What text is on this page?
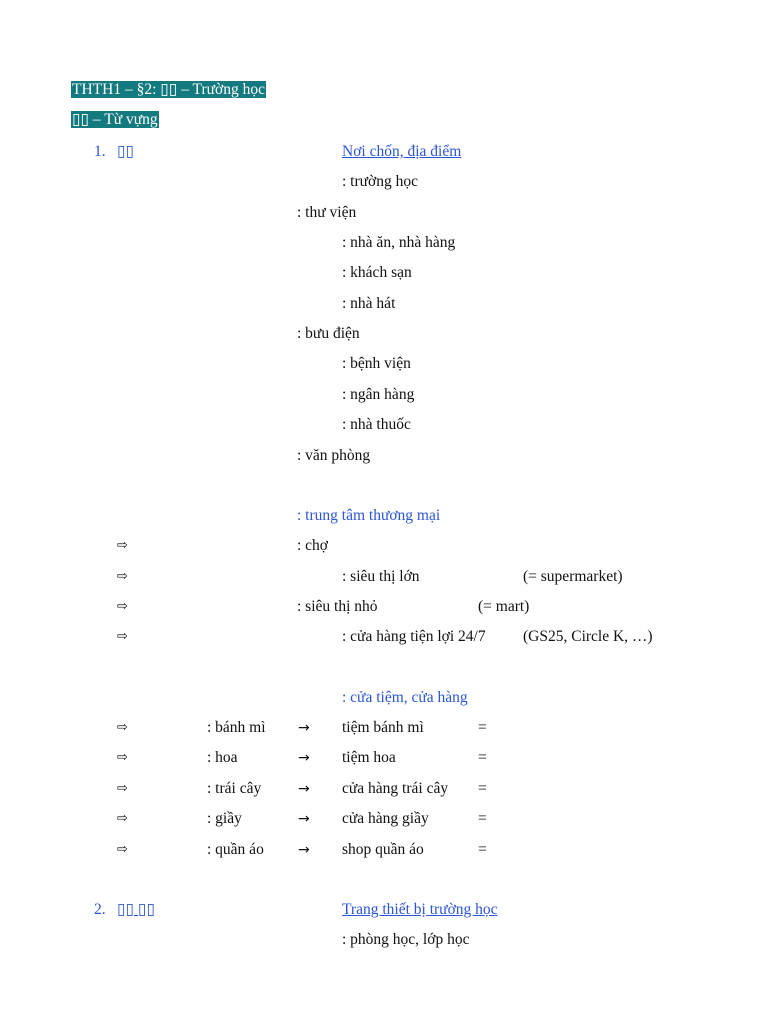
THTH1 – §2: ▯▯ – Trường học
▯▯ – Từ vựng
1. ▯▯	Nơi chốn, địa điểm
: trường học
: thư viện
: nhà ăn, nhà hàng
: khách sạn
: nhà hát
: bưu điện
: bệnh viện
: ngân hàng
: nhà thuốc
: văn phòng
: trung tâm thương mại
⇨	: chợ
⇨	: siêu thị lớn	(= supermarket)
⇨	: siêu thị nhỏ	(= mart)
⇨	: cửa hàng tiện lợi 24/7 (GS25, Circle K, …)
: cửa tiệm, cửa hàng
⇨	: bánh mì → tiệm bánh mì	=
⇨	: hoa	→ tiệm hoa	=
⇨	: trái cây	→ cửa hàng trái cây =
⇨	: giầy	→ cửa hàng giầy	=
⇨	: quần áo → shop quần áo	=
2. ▯▯ ▯▯	Trang thiết bị trường học
: phòng học, lớp học
